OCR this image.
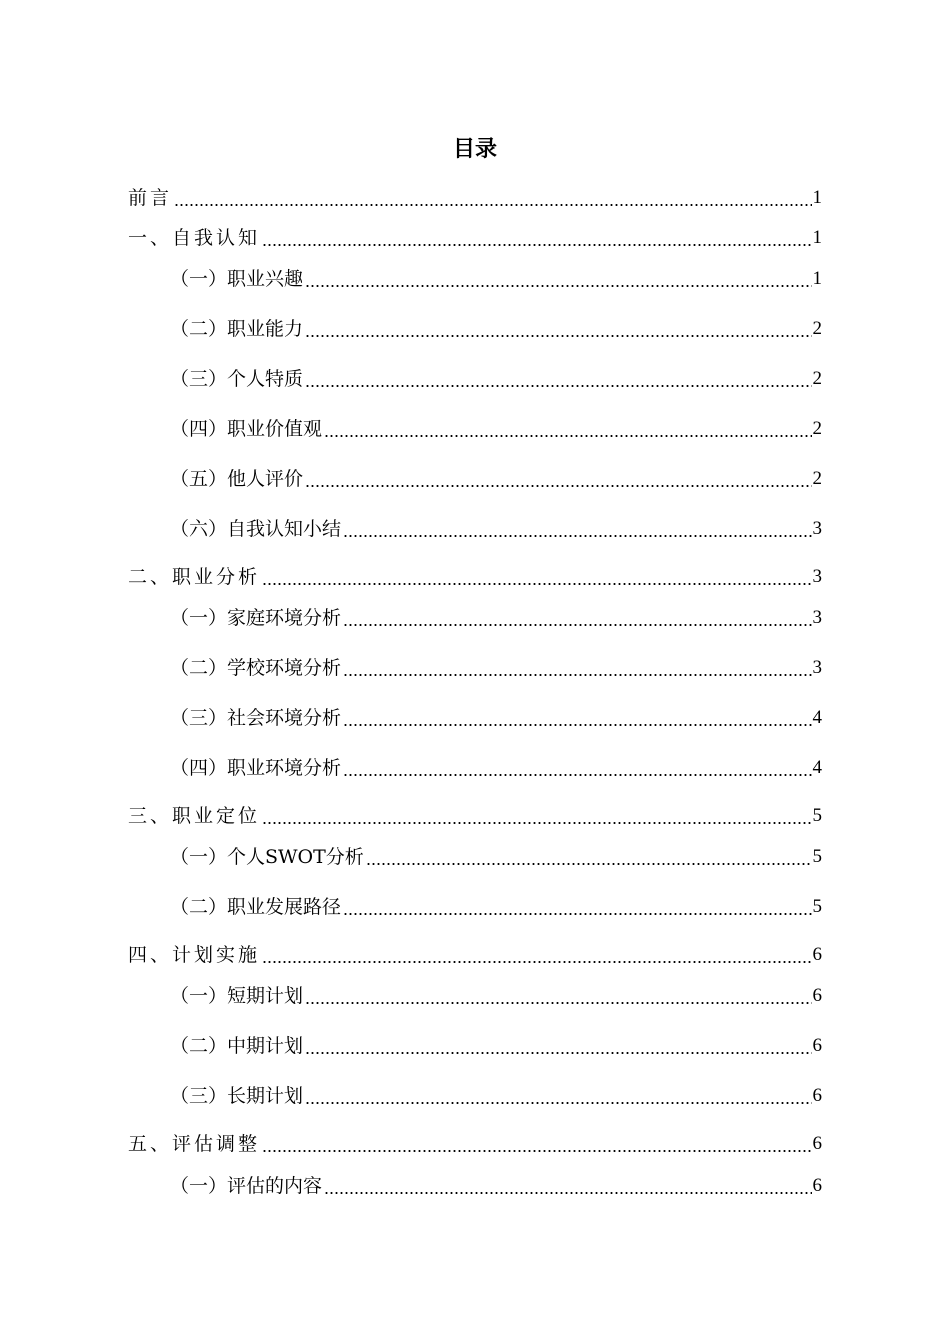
目录
前言	1
一、自我认知	1
（一）职业兴趣	1
（二）职业能力	2
（三）个人特质	2
（四）职业价值观	2
（五）他人评价	2
（六）自我认知小结	3
二、职业分析	3
（一）家庭环境分析	3
（二）学校环境分析	3
（三）社会环境分析	4
（四）职业环境分析	4
三、职业定位	5
（一）个人SWOT分析	5
（二）职业发展路径	5
四、计划实施	6
（一）短期计划	6
（二）中期计划	6
（三）长期计划	6
五、评估调整	6
（一）评估的内容	6
